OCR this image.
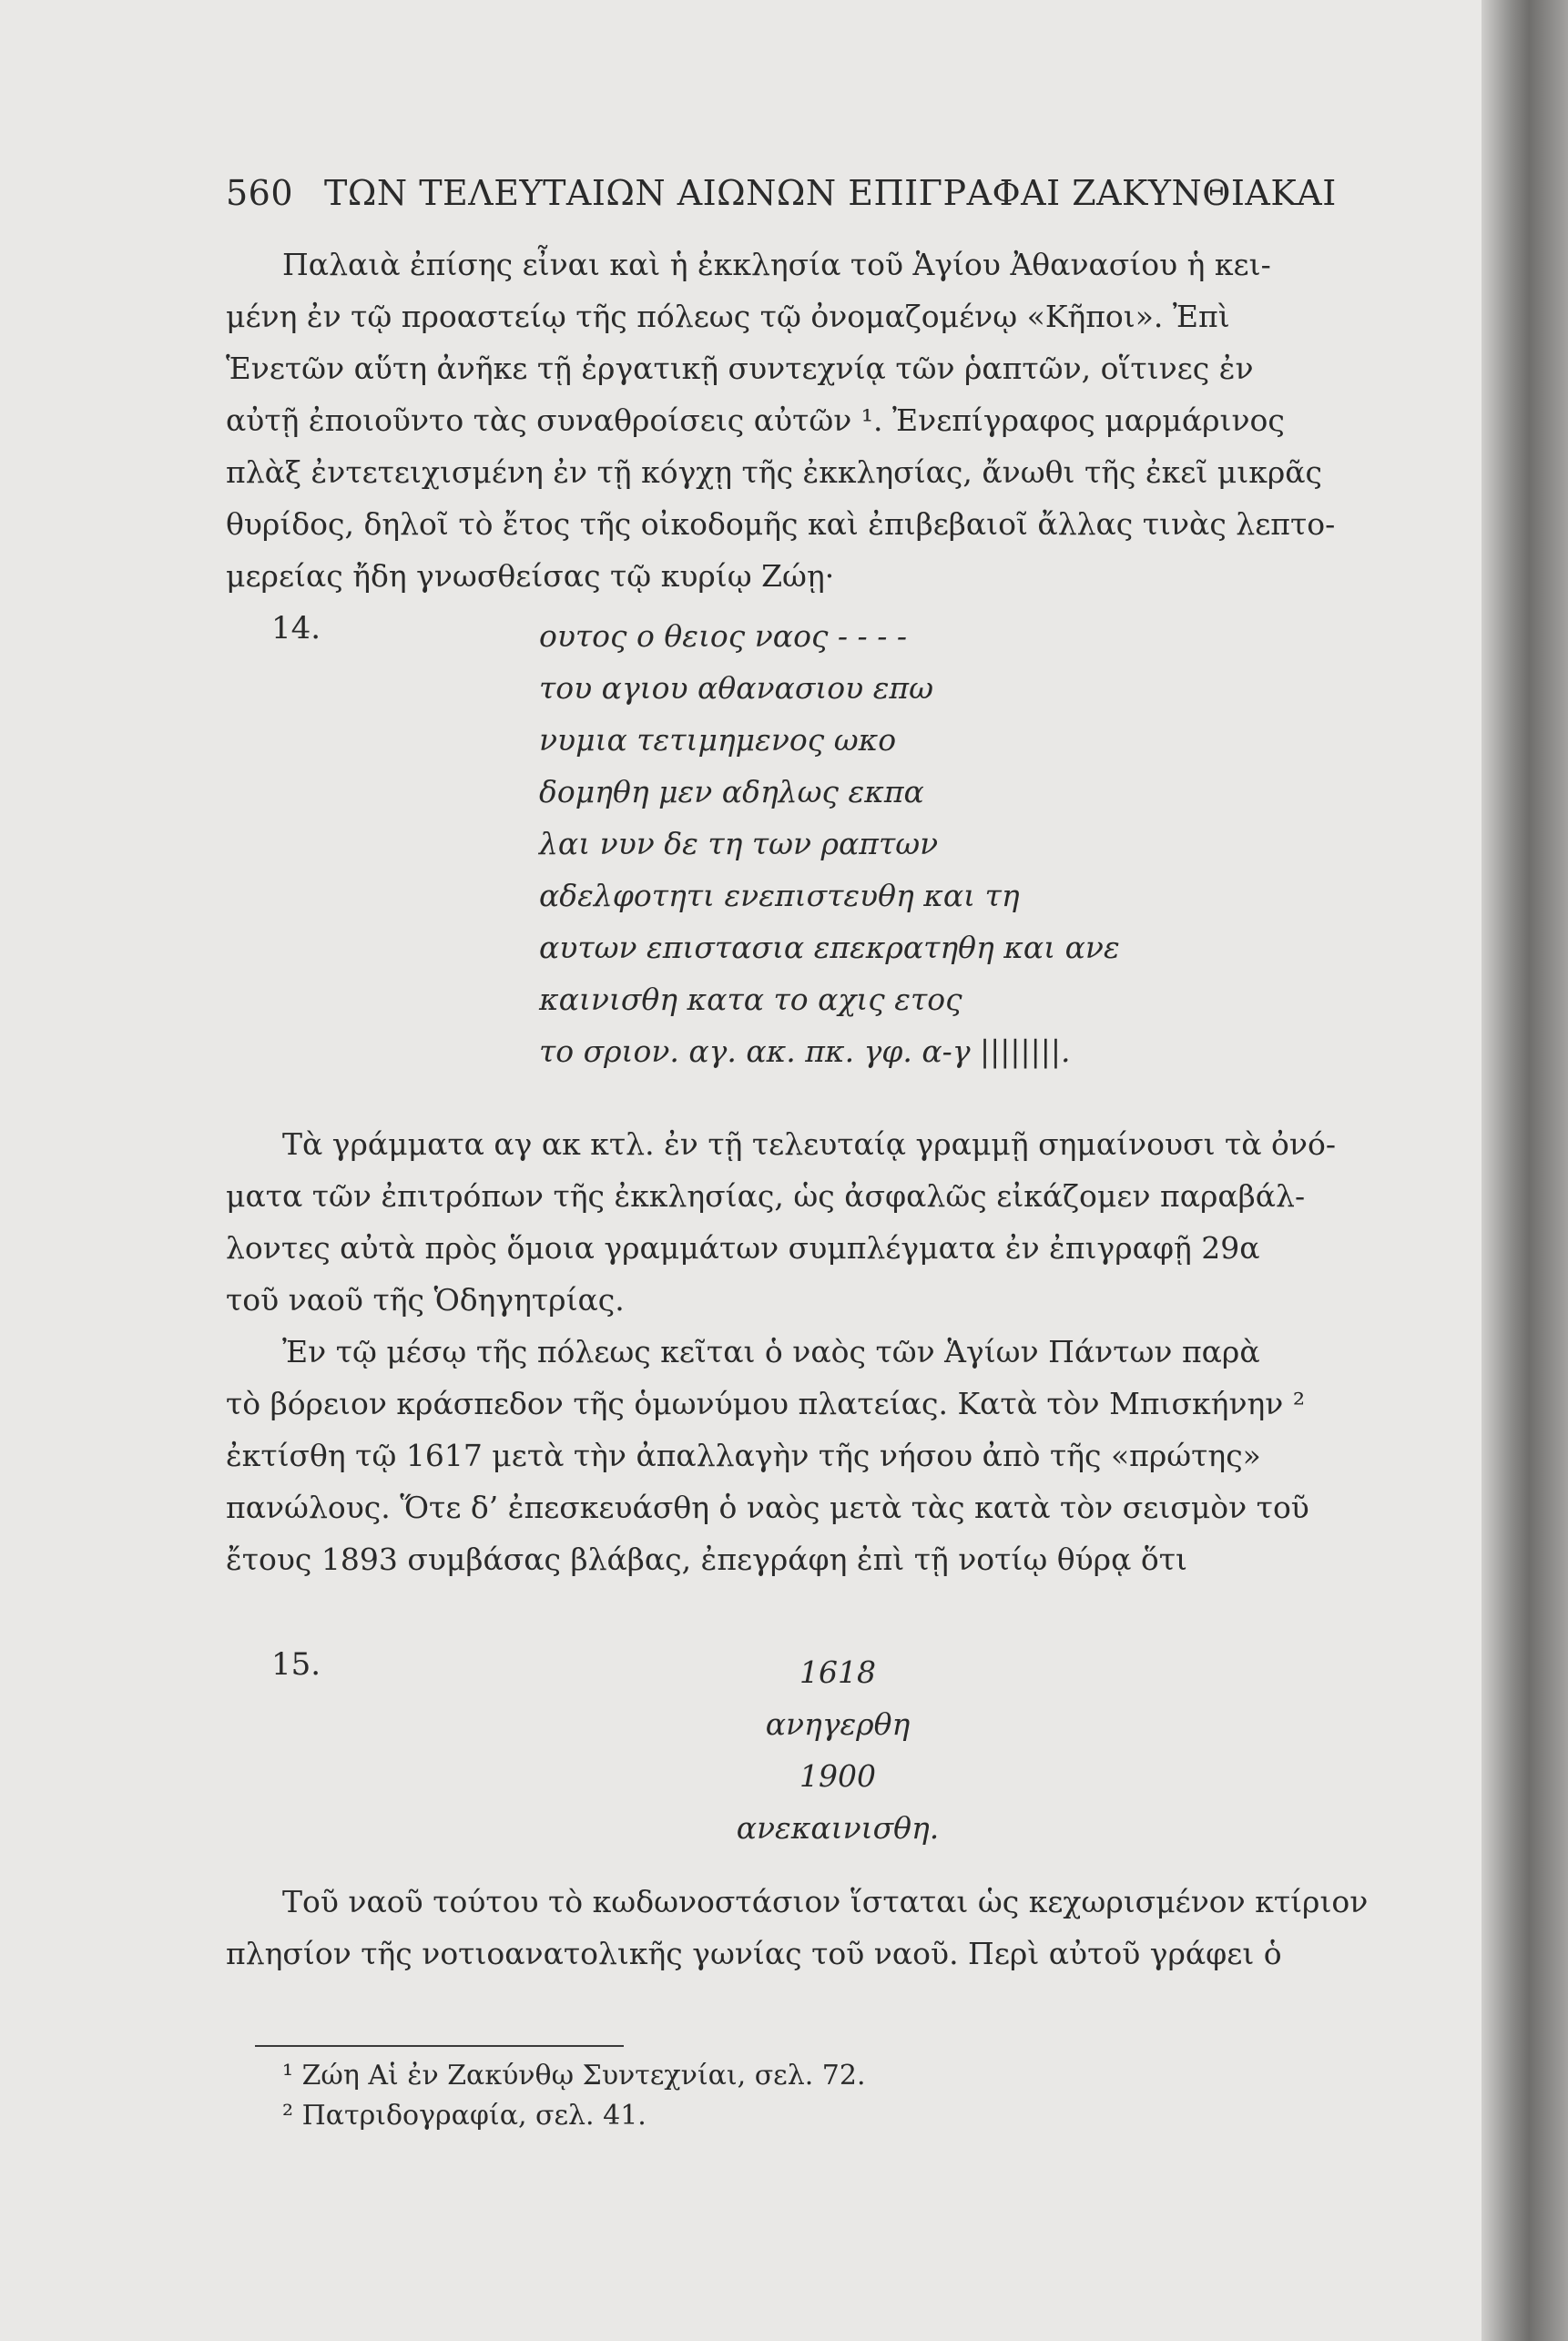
560 ΤΩΝ ΤΕΛΕΥΤΑΙΩΝ ΑΙΩΝΩΝ ΕΠΙΓΡΑΦΑΙ ΖΑΚΥΝΘΙΑΚΑΙ
Παλαιὰ ἐπίσης εἶναι καὶ ἡ ἐκκλησία τοῦ Ἁγίου Ἀθανασίου ἡ κει-
μένη ἐν τῷ προαστείῳ τῆς πόλεως τῷ ὀνομαζομένῳ «Κῆποι». Ἐπὶ
Ἑνετῶν αὕτη ἀνῆκε τῇ ἐργατικῇ συντεχνίᾳ τῶν ῥαπτῶν, οἵτινες ἐν
αὐτῇ ἐποιοῦντο τὰς συναθροίσεις αὐτῶν ¹. Ἐνεπίγραφος μαρμάρινος
πλὰξ ἐντετειχισμένη ἐν τῇ κόγχῃ τῆς ἐκκλησίας, ἄνωθι τῆς ἐκεῖ μικρᾶς
θυρίδος, δηλοῖ τὸ ἔτος τῆς οἰκοδομῆς καὶ ἐπιβεβαιοῖ ἄλλας τινὰς λεπτο-
μερείας ἤδη γνωσθείσας τῷ κυρίῳ Ζώῃ·
14.	ουτος ο θειος ναος - - - -
του αγιου αθανασιου επω
νυμια τετιμημενος ωκο
δομηθη μεν αδηλως εκπα
λαι νυν δε τη των ραπτων
αδελφοτητι ενεπιστευθη και τη
αυτων επιστασια επεκρατηθη και ανε
καινισθη κατα το αχις ετος
το σριον. αγ. ακ. πκ. γφ. α-γ ||||||||.
Τὰ γράμματα αγ ακ κτλ. ἐν τῇ τελευταίᾳ γραμμῇ σημαίνουσι τὰ ὀνό-
ματα τῶν ἐπιτρόπων τῆς ἐκκλησίας, ὡς ἀσφαλῶς εἰκάζομεν παραβάλ-
λοντες αὐτὰ πρὸς ὅμοια γραμμάτων συμπλέγματα ἐν ἐπιγραφῇ 29α
τοῦ ναοῦ τῆς Ὁδηγητρίας.
Ἐν τῷ μέσῳ τῆς πόλεως κεῖται ὁ ναὸς τῶν Ἁγίων Πάντων παρὰ
τὸ βόρειον κράσπεδον τῆς ὁμωνύμου πλατείας. Κατὰ τὸν Μπισκήνην ²
ἐκτίσθη τῷ 1617 μετὰ τὴν ἀπαλλαγὴν τῆς νήσου ἀπὸ τῆς «πρώτης»
πανώλους. Ὅτε δ’ ἐπεσκευάσθη ὁ ναὸς μετὰ τὰς κατὰ τὸν σεισμὸν τοῦ
ἔτους 1893 συμβάσας βλάβας, ἐπεγράφη ἐπὶ τῇ νοτίῳ θύρᾳ ὅτι
15.	1618
ανηγερθη
1900
ανεκαινισθη.
Τοῦ ναοῦ τούτου τὸ κωδωνοστάσιον ἵσταται ὡς κεχωρισμένον κτίριον
πλησίον τῆς νοτιοανατολικῆς γωνίας τοῦ ναοῦ. Περὶ αὐτοῦ γράφει ὁ
¹ Ζώη Αἱ ἐν Ζακύνθῳ Συντεχνίαι, σελ. 72.
² Πατριδογραφία, σελ. 41.
